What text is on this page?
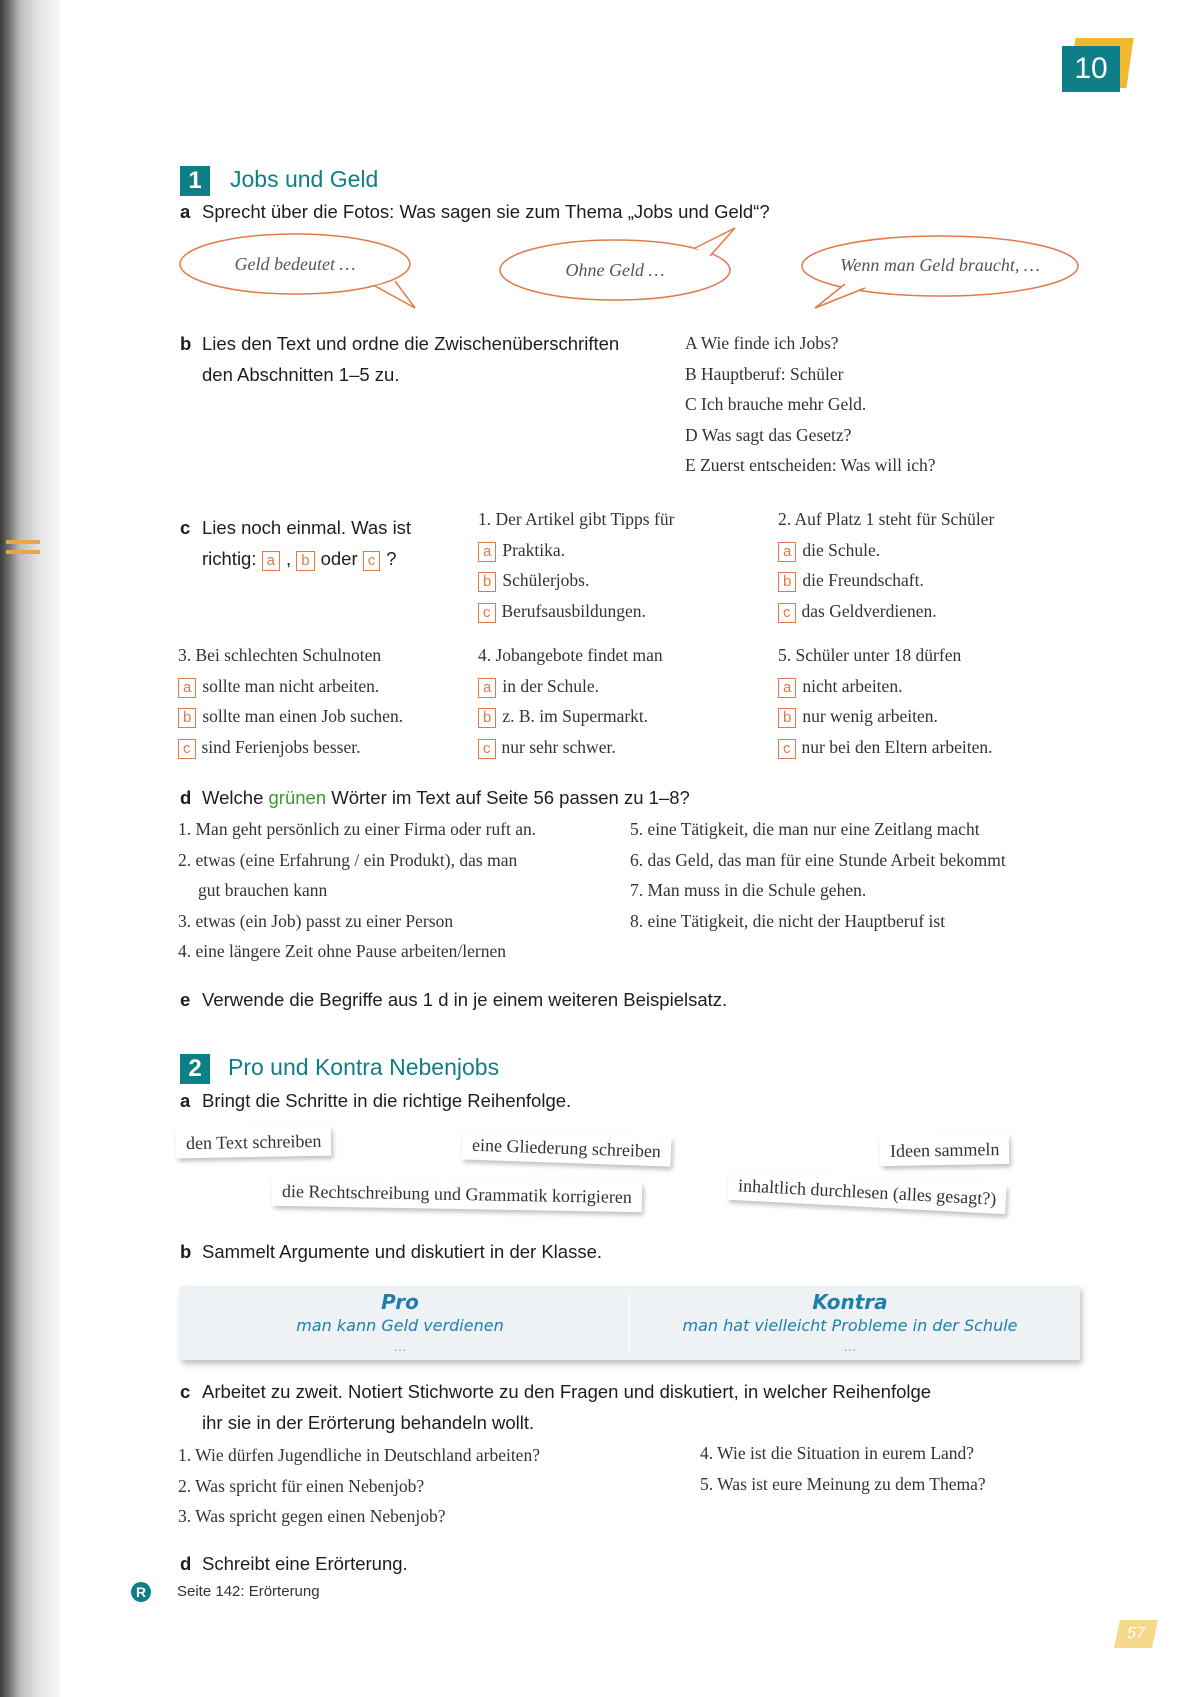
10
1	Jobs und Geld
a Sprecht über die Fotos: Was sagen sie zum Thema „Jobs und Geld“?
Geld bedeutet …	Ohne Geld …	Wenn man Geld braucht, …
b Lies den Text und ordne die Zwischenüberschriften
den Abschnitten 1–5 zu.
A Wie finde ich Jobs?
B Hauptberuf: Schüler
C Ich brauche mehr Geld.
D Was sagt das Gesetz?
E Zuerst entscheiden: Was will ich?
c Lies noch einmal. Was ist
richtig: a , b oder c ?
1. Der Artikel gibt Tipps für
a Praktika.
b Schülerjobs.
c Berufsausbildungen.
2. Auf Platz 1 steht für Schüler
a die Schule.
b die Freundschaft.
c das Geldverdienen.
3. Bei schlechten Schulnoten
a sollte man nicht arbeiten.
b sollte man einen Job suchen.
c sind Ferienjobs besser.
4. Jobangebote findet man
a in der Schule.
b z. B. im Supermarkt.
c nur sehr schwer.
5. Schüler unter 18 dürfen
a nicht arbeiten.
b nur wenig arbeiten.
c nur bei den Eltern arbeiten.
d Welche grünen Wörter im Text auf Seite 56 passen zu 1–8?
1. Man geht persönlich zu einer Firma oder ruft an.
2. etwas (eine Erfahrung / ein Produkt), das man
gut brauchen kann
3. etwas (ein Job) passt zu einer Person
4. eine längere Zeit ohne Pause arbeiten/lernen
5. eine Tätigkeit, die man nur eine Zeitlang macht
6. das Geld, das man für eine Stunde Arbeit bekommt
7. Man muss in die Schule gehen.
8. eine Tätigkeit, die nicht der Hauptberuf ist
e Verwende die Begriffe aus 1 d in je einem weiteren Beispielsatz.
2	Pro und Kontra Nebenjobs
a Bringt die Schritte in die richtige Reihenfolge.
den Text schreiben	eine Gliederung schreiben	Ideen sammeln
die Rechtschreibung und Grammatik korrigieren	inhaltlich durchlesen (alles gesagt?)
b Sammelt Argumente und diskutiert in der Klasse.
Pro
man kann Geld verdienen
…
Kontra
man hat vielleicht Probleme in der Schule
…
c Arbeitet zu zweit. Notiert Stichworte zu den Fragen und diskutiert, in welcher Reihenfolge
ihr sie in der Erörterung behandeln wollt.
1. Wie dürfen Jugendliche in Deutschland arbeiten?
2. Was spricht für einen Nebenjob?
3. Was spricht gegen einen Nebenjob?
4. Wie ist die Situation in eurem Land?
5. Was ist eure Meinung zu dem Thema?
d Schreibt eine Erörterung.
R	Seite 142: Erörterung
57
